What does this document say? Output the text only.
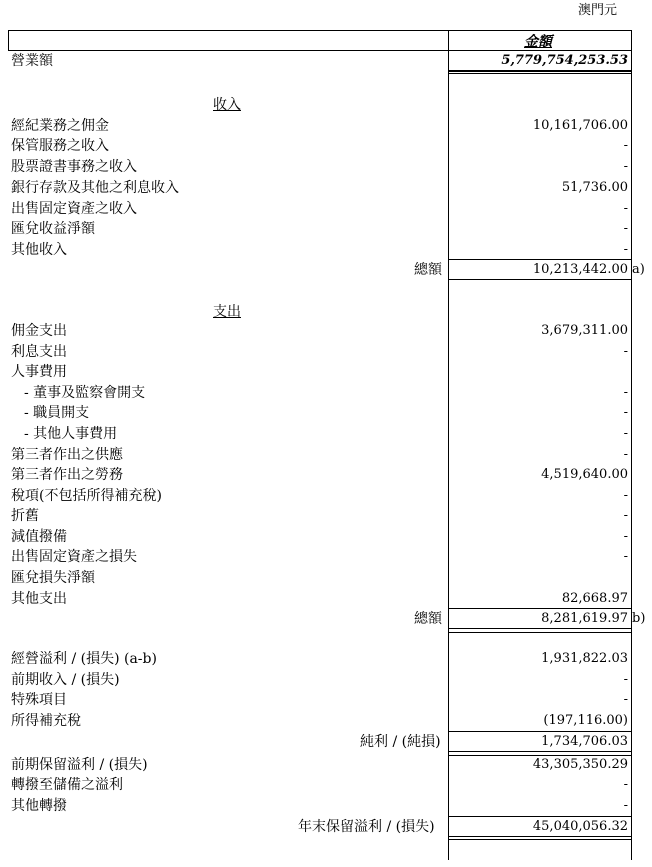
澳門元
金額
營業額	5,779,754,253.53
收入
經紀業務之佣金	10,161,706.00
保管服務之收入	-
股票證書事務之收入	-
銀行存款及其他之利息收入	51,736.00
出售固定資產之收入	-
匯兌收益淨額	-
其他收入	-
總額	10,213,442.00 a)
支出
佣金支出	3,679,311.00
利息支出	-
人事費用
- 董事及監察會開支	-
- 職員開支	-
- 其他人事費用	-
第三者作出之供應	-
第三者作出之勞務	4,519,640.00
稅項(不包括所得補充稅)	-
折舊	-
減值撥備	-
出售固定資產之損失	-
匯兌損失淨額
其他支出	82,668.97
總額	8,281,619.97 b)
經營溢利 / (損失) (a-b)	1,931,822.03
前期收入 / (損失)	-
特殊項目	-
所得補充稅	(197,116.00)
純利 / (純損)	1,734,706.03
前期保留溢利 / (損失)	43,305,350.29
轉撥至儲備之溢利	-
其他轉撥	-
年末保留溢利 / (損失)	45,040,056.32
